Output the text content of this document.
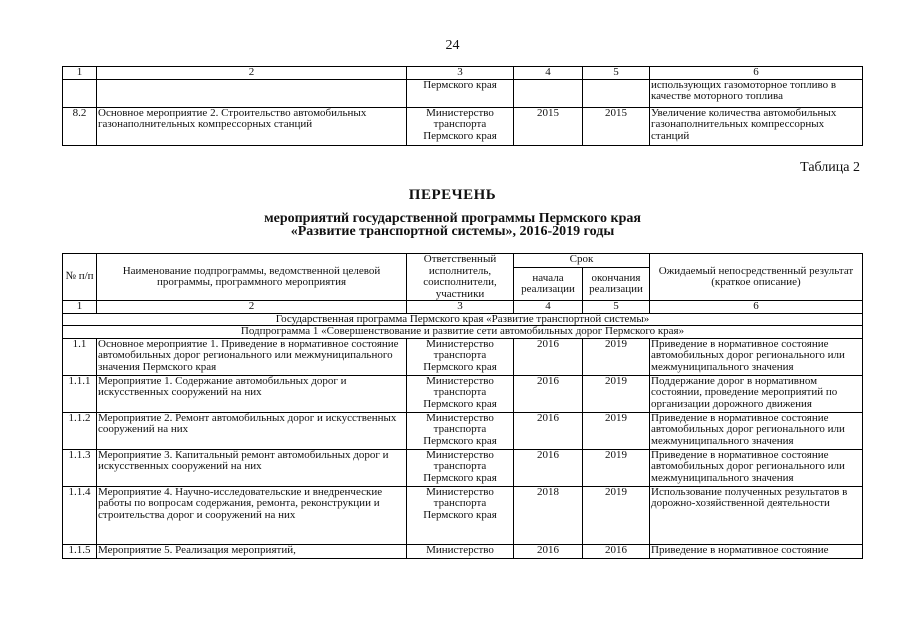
24
1	2	3	4	5	6
		Пермского края			использующих газомоторное топливо в качестве моторного топлива
8.2	Основное мероприятие 2. Строительство автомобильных газонаполнительных компрессорных станций	Министерство транспорта Пермского края	2015	2015	Увеличение количества автомобильных газонаполнительных компрессорных станций
Таблица 2
ПЕРЕЧЕНЬ
мероприятий государственной программы Пермского края
«Развитие транспортной системы», 2016-2019 годы
№ п/п	Наименование подпрограммы, ведомственной целевой программы, программного мероприятия	Ответственный исполнитель, соисполнители, участники	Срок		Ожидаемый непосредственный результат (краткое описание)
			начала реализации	окончания реализации	
1	2	3	4	5	6
Государственная программа Пермского края «Развитие транспортной системы»					
Подпрограмма 1 «Совершенствование и развитие сети автомобильных дорог Пермского края»					
1.1	Основное мероприятие 1. Приведение в нормативное состояние автомобильных дорог регионального или межмуниципального значения Пермского края	Министерство транспорта Пермского края	2016	2019	Приведение в нормативное состояние автомобильных дорог регионального или межмуниципального значения
1.1.1	Мероприятие 1. Содержание автомобильных дорог и искусственных сооружений на них	Министерство транспорта Пермского края	2016	2019	Поддержание дорог в нормативном состоянии, проведение мероприятий по организации дорожного движения
1.1.2	Мероприятие 2. Ремонт автомобильных дорог и искусственных сооружений на них	Министерство транспорта Пермского края	2016	2019	Приведение в нормативное состояние автомобильных дорог регионального или межмуниципального значения
1.1.3	Мероприятие 3. Капитальный ремонт автомобильных дорог и искусственных сооружений на них	Министерство транспорта Пермского края	2016	2019	Приведение в нормативное состояние автомобильных дорог регионального или межмуниципального значения
1.1.4	Мероприятие 4. Научно-исследовательские и внедренческие работы по вопросам содержания, ремонта, реконструкции и строительства дорог и сооружений на них	Министерство транспорта Пермского края	2018	2019	Использование полученных результатов в дорожно-хозяйственной деятельности
1.1.5	Мероприятие 5. Реализация мероприятий,	Министерство	2016	2016	Приведение в нормативное состояние
